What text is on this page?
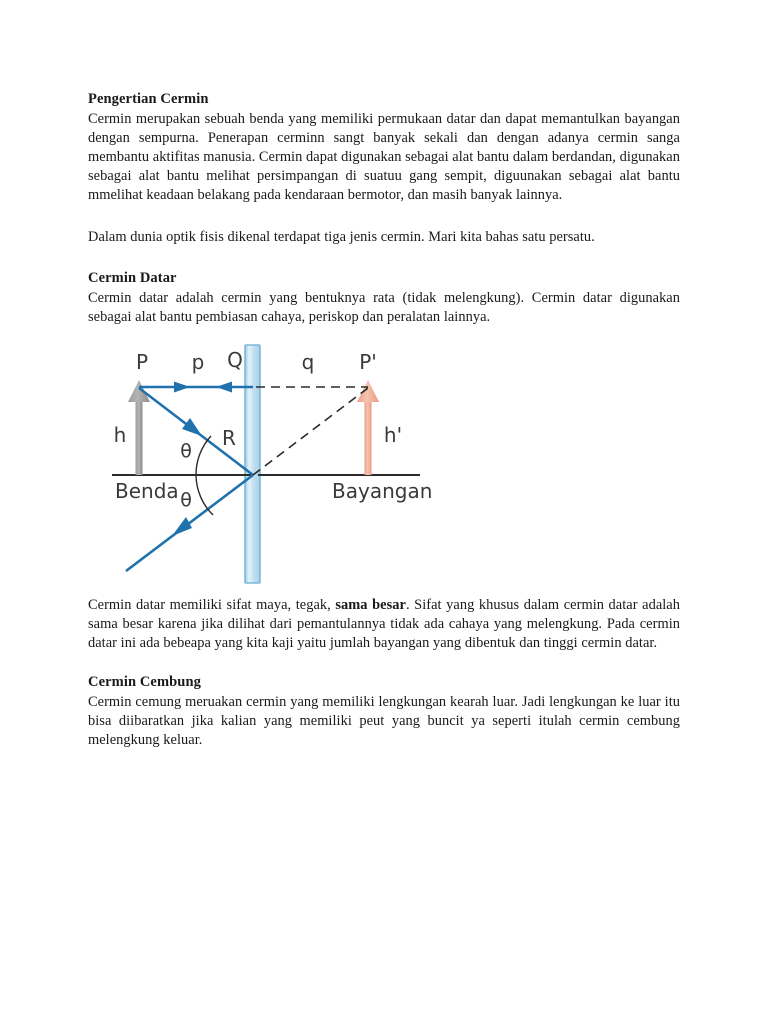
Pengertian Cermin

Cermin merupakan sebuah benda yang memiliki permukaan datar dan dapat memantulkan bayangan dengan sempurna. Penerapan cerminn sangt banyak sekali dan dengan adanya cermin sanga membantu aktifitas manusia. Cermin dapat digunakan sebagai alat bantu dalam berdandan, digunakan sebagai alat bantu melihat persimpangan di suatuu gang sempit, diguunakan sebagai alat bantu mmelihat keadaan belakang pada kendaraan bermotor, dan masih banyak lainnya.

Dalam dunia optik fisis dikenal terdapat tiga jenis cermin. Mari kita bahas satu persatu.

Cermin Datar

Cermin datar adalah cermin yang bentuknya rata (tidak melengkung). Cermin datar digunakan sebagai alat bantu pembiasan cahaya, periskop dan peralatan lainnya.

P p Q	q P'
h	h'
R
θ
θ
Benda	Bayangan

Cermin datar memiliki sifat maya, tegak, sama besar. Sifat yang khusus dalam cermin datar adalah sama besar karena jika dilihat dari pemantulannya tidak ada cahaya yang melengkung. Pada cermin datar ini ada bebeapa yang kita kaji yaitu jumlah bayangan yang dibentuk dan tinggi cermin datar.

Cermin Cembung

Cermin cemung meruakan cermin yang memiliki lengkungan kearah luar. Jadi lengkungan ke luar itu bisa diibaratkan jika kalian yang memiliki peut yang buncit ya seperti itulah cermin cembung melengkung keluar.
